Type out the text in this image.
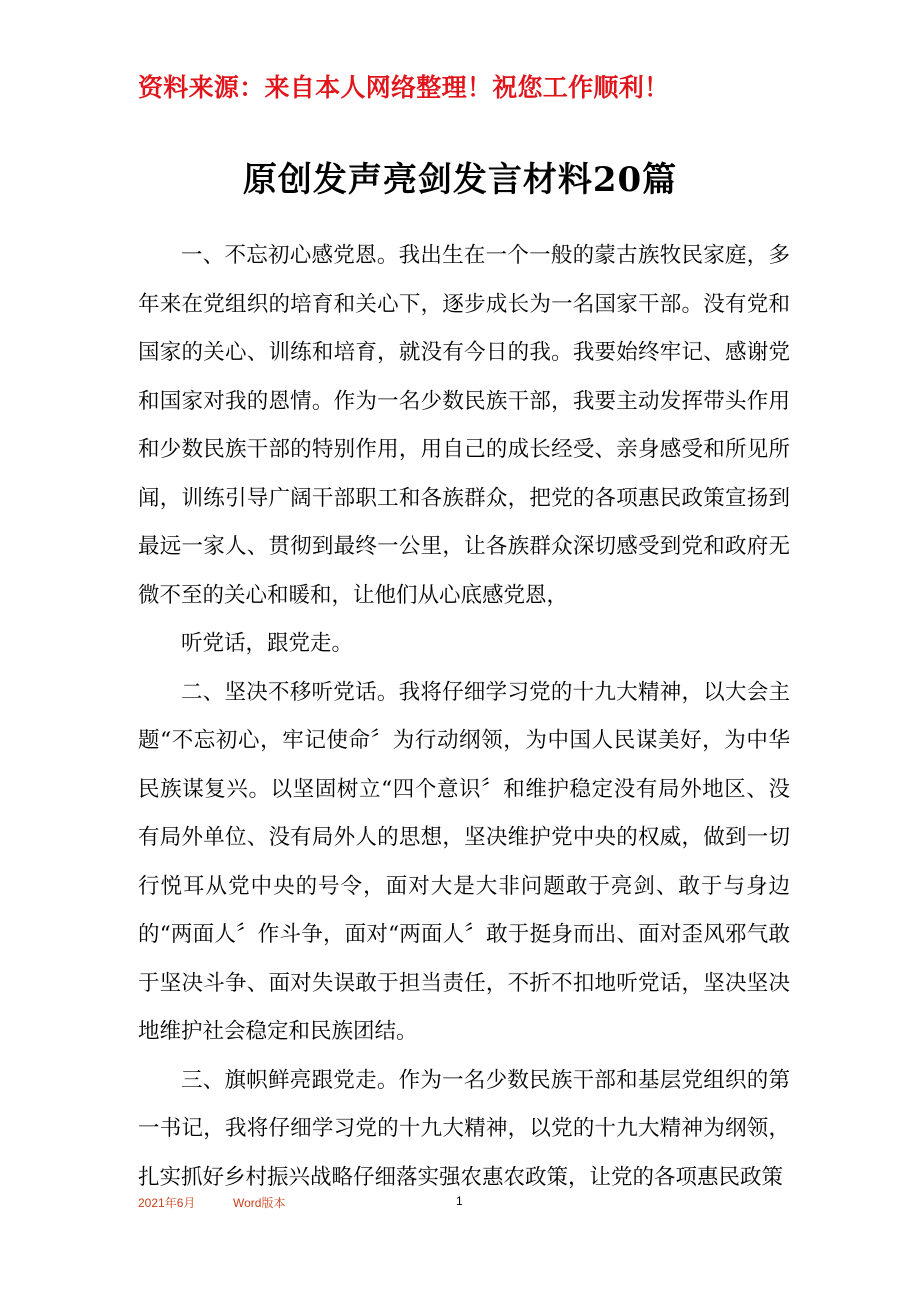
资料来源：来自本人网络整理！祝您工作顺利！
原创发声亮剑发言材料20篇

一、不忘初心感党恩。我出生在一个一般的蒙古族牧民家庭，多年来在党组织的培育和关心下，逐步成长为一名国家干部。没有党和国家的关心、训练和培育，就没有今日的我。我要始终牢记、感谢党和国家对我的恩情。作为一名少数民族干部，我要主动发挥带头作用和少数民族干部的特别作用，用自己的成长经受、亲身感受和所见所闻，训练引导广阔干部职工和各族群众，把党的各项惠民政策宣扬到最远一家人、贯彻到最终一公里，让各族群众深切感受到党和政府无微不至的关心和暖和，让他们从心底感党恩，

听党话，跟党走。

二、坚决不移听党话。我将仔细学习党的十九大精神，以大会主题“不忘初心，牢记使命〞为行动纲领，为中国人民谋美好，为中华民族谋复兴。以坚固树立“四个意识〞和维护稳定没有局外地区、没有局外单位、没有局外人的思想，坚决维护党中央的权威，做到一切行悦耳从党中央的号令，面对大是大非问题敢于亮剑、敢于与身边的“两面人〞作斗争，面对“两面人〞敢于挺身而出、面对歪风邪气敢于坚决斗争、面对失误敢于担当责任，不折不扣地听党话，坚决坚决地维护社会稳定和民族团结。

三、旗帜鲜亮跟党走。作为一名少数民族干部和基层党组织的第一书记，我将仔细学习党的十九大精神，以党的十九大精神为纲领，扎实抓好乡村振兴战略仔细落实强农惠农政策，让党的各项惠民政策

2021年6月	Word版本	1
